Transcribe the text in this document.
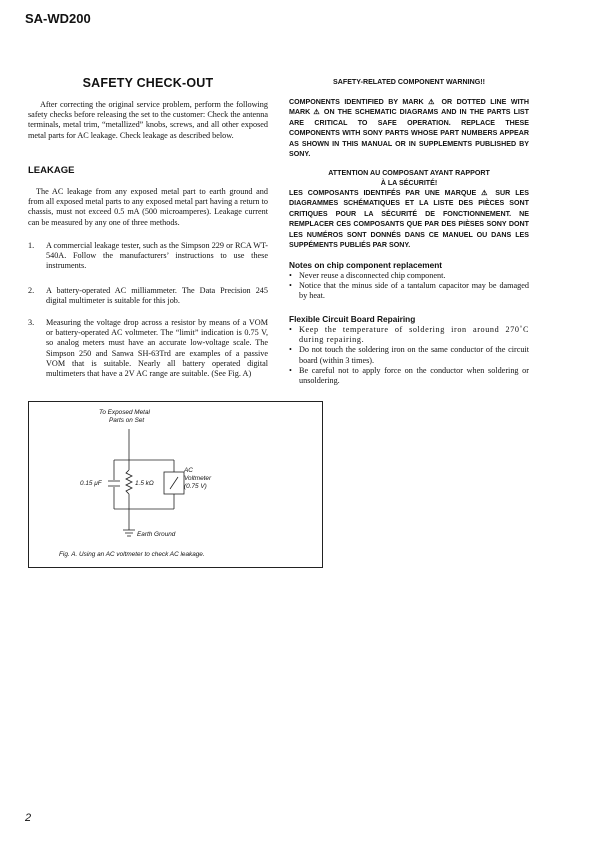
SA-WD200
SAFETY CHECK-OUT
After correcting the original service problem, perform the following safety checks before releasing the set to the customer: Check the antenna terminals, metal trim, “metallized” knobs, screws, and all other exposed metal parts for AC leakage. Check leakage as described below.
LEAKAGE
The AC leakage from any exposed metal part to earth ground and from all exposed metal parts to any exposed metal part having a return to chassis, must not exceed 0.5 mA (500 microamperes). Leakage current can be measured by any one of three methods.
1.	A commercial leakage tester, such as the Simpson 229 or RCA WT-540A. Follow the manufacturers’ instructions to use these instruments.
2.	A battery-operated AC milliammeter. The Data Precision 245 digital multimeter is suitable for this job.
3.	Measuring the voltage drop across a resistor by means of a VOM or battery-operated AC voltmeter. The “limit” indication is 0.75 V, so analog meters must have an accurate low-voltage scale. The Simpson 250 and Sanwa SH-63Trd are examples of a passive VOM that is suitable. Nearly all battery operated digital multimeters that have a 2V AC range are suitable. (See Fig. A)
To Exposed Metal
Parts on Set
0.15 μF	1.5 kΩ
AC
Voltmeter
(0.75 V)
Earth Ground
Fig. A. Using an AC voltmeter to check AC leakage.
SAFETY-RELATED COMPONENT WARNING!!
COMPONENTS IDENTIFIED BY MARK ⚠ OR DOTTED LINE WITH MARK ⚠ ON THE SCHEMATIC DIAGRAMS AND IN THE PARTS LIST ARE CRITICAL TO SAFE OPERATION. REPLACE THESE COMPONENTS WITH SONY PARTS WHOSE PART NUMBERS APPEAR AS SHOWN IN THIS MANUAL OR IN SUPPLEMENTS PUBLISHED BY SONY.
ATTENTION AU COMPOSANT AYANT RAPPORT
À LA SÉCURITÉ!
LES COMPOSANTS IDENTIFÉS PAR UNE MARQUE ⚠ SUR LES DIAGRAMMES SCHÉMATIQUES ET LA LISTE DES PIÈCES SONT CRITIQUES POUR LA SÉCURITÉ DE FONCTIONNEMENT. NE REMPLACER CES COMPOSANTS QUE PAR DES PIÈSES SONY DONT LES NUMÉROS SONT DONNÉS DANS CE MANUEL OU DANS LES SUPPÉMENTS PUBLIÉS PAR SONY.
Notes on chip component replacement
• Never reuse a disconnected chip component.
• Notice that the minus side of a tantalum capacitor may be damaged by heat.
Flexible Circuit Board Repairing
• Keep the temperature of soldering iron around 270˚C during repairing.
• Do not touch the soldering iron on the same conductor of the circuit board (within 3 times).
• Be careful not to apply force on the conductor when soldering or unsoldering.
2
